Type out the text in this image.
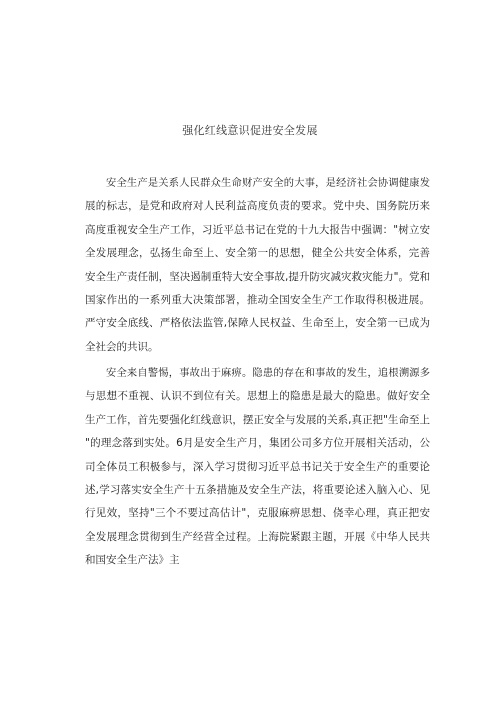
强化红线意识促进安全发展
安全生产是关系人民群众生命财产安全的大事，是经济社会协调健康发
展的标志，是党和政府对人民利益高度负责的要求。党中央、国务院历来
高度重视安全生产工作，习近平总书记在党的十九大报告中强调："树立安
全发展理念，弘扬生命至上、安全第一的思想，健全公共安全体系，完善
安全生产责任制，坚决遏制重特大安全事故,提升防灾减灾救灾能力"。党和
国家作出的一系列重大决策部署，推动全国安全生产工作取得积极进展。
严守安全底线、严格依法监管,保障人民权益、生命至上，安全第一已成为
全社会的共识。
安全来自警惕，事故出于麻痹。隐患的存在和事故的发生，追根溯源多
与思想不重视、认识不到位有关。思想上的隐患是最大的隐患。做好安全
生产工作，首先要强化红线意识，摆正安全与发展的关系,真正把"生命至上
"的理念落到实处。6月是安全生产月，集团公司多方位开展相关活动，公
司全体员工积极参与，深入学习贯彻习近平总书记关于安全生产的重要论
述,学习落实安全生产十五条措施及安全生产法，将重要论述入脑入心、见
行见效，坚持"三个不要过高估计"，克服麻痹思想、侥幸心理，真正把安
全发展理念贯彻到生产经营全过程。上海院紧跟主题，开展《中华人民共
和国安全生产法》主
